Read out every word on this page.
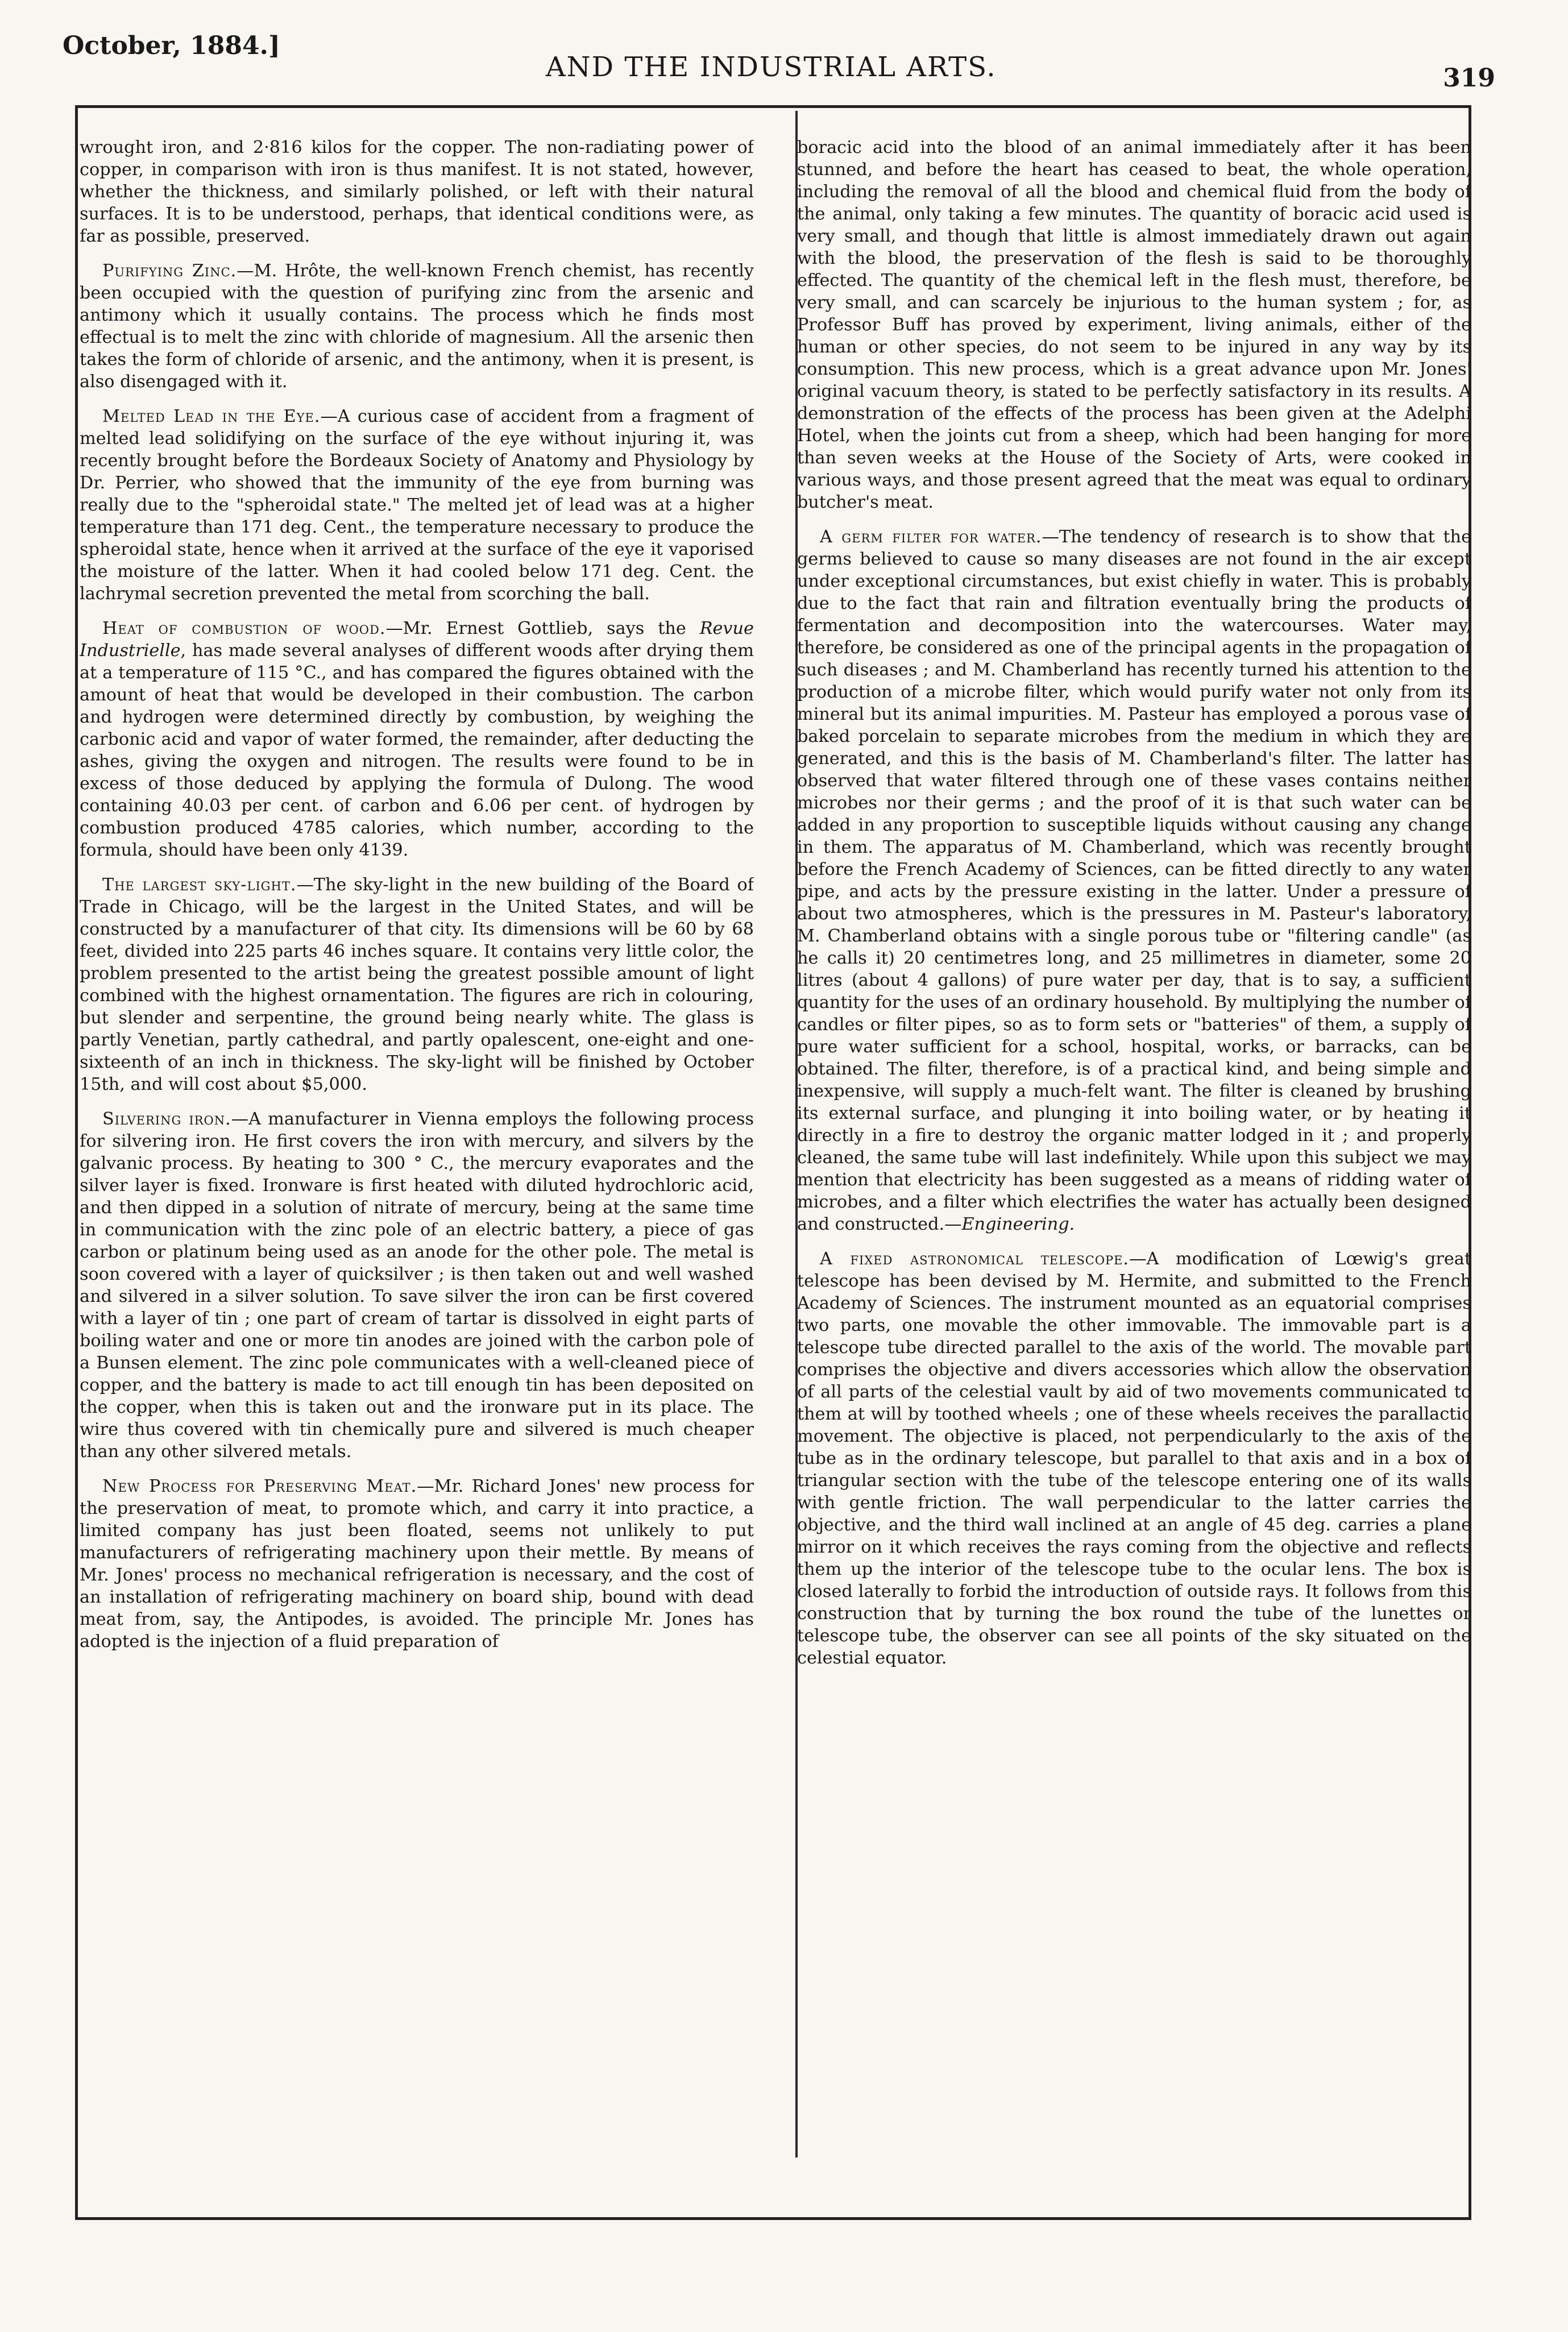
October, 1884.]
AND THE INDUSTRIAL ARTS.	319

wrought iron, and 2·816 kilos for the copper. The non-radiating power of copper, in comparison with iron is thus manifest. It is not stated, however, whether the thickness, and similarly polished, or left with their natural surfaces. It is to be understood, perhaps, that identical conditions were, as far as possible, preserved.

Purifying Zinc.—M. Hrôte, the well-known French chemist, has recently been occupied with the question of purifying zinc from the arsenic and antimony which it usually contains. The process which he finds most effectual is to melt the zinc with chloride of magnesium. All the arsenic then takes the form of chloride of arsenic, and the antimony, when it is present, is also disengaged with it.

Melted Lead in the Eye.—A curious case of accident from a fragment of melted lead solidifying on the surface of the eye without injuring it, was recently brought before the Bordeaux Society of Anatomy and Physiology by Dr. Perrier, who showed that the immunity of the eye from burning was really due to the "spheroidal state." The melted jet of lead was at a higher temperature than 171 deg. Cent., the temperature necessary to produce the spheroidal state, hence when it arrived at the surface of the eye it vaporised the moisture of the latter. When it had cooled below 171 deg. Cent. the lachrymal secretion prevented the metal from scorching the ball.

Heat of combustion of wood.—Mr. Ernest Gottlieb, says the Revue Industrielle, has made several analyses of different woods after drying them at a temperature of 115 °C., and has compared the figures obtained with the amount of heat that would be developed in their combustion. The carbon and hydrogen were determined directly by combustion, by weighing the carbonic acid and vapor of water formed, the remainder, after deducting the ashes, giving the oxygen and nitrogen. The results were found to be in excess of those deduced by applying the formula of Dulong. The wood containing 40.03 per cent. of carbon and 6.06 per cent. of hydrogen by combustion produced 4785 calories, which number, according to the formula, should have been only 4139.

The largest sky-light.—The sky-light in the new building of the Board of Trade in Chicago, will be the largest in the United States, and will be constructed by a manufacturer of that city. Its dimensions will be 60 by 68 feet, divided into 225 parts 46 inches square. It contains very little color, the problem presented to the artist being the greatest possible amount of light combined with the highest ornamentation. The figures are rich in colouring, but slender and serpentine, the ground being nearly white. The glass is partly Venetian, partly cathedral, and partly opalescent, one-eight and one-sixteenth of an inch in thickness. The sky-light will be finished by October 15th, and will cost about $5,000.

Silvering iron.—A manufacturer in Vienna employs the following process for silvering iron. He first covers the iron with mercury, and silvers by the galvanic process. By heating to 300 ° C., the mercury evaporates and the silver layer is fixed. Ironware is first heated with diluted hydrochloric acid, and then dipped in a solution of nitrate of mercury, being at the same time in communication with the zinc pole of an electric battery, a piece of gas carbon or platinum being used as an anode for the other pole. The metal is soon covered with a layer of quicksilver ; is then taken out and well washed and silvered in a silver solution. To save silver the iron can be first covered with a layer of tin ; one part of cream of tartar is dissolved in eight parts of boiling water and one or more tin anodes are joined with the carbon pole of a Bunsen element. The zinc pole communicates with a well-cleaned piece of copper, and the battery is made to act till enough tin has been deposited on the copper, when this is taken out and the ironware put in its place. The wire thus covered with tin chemically pure and silvered is much cheaper than any other silvered metals.

New Process for Preserving Meat.—Mr. Richard Jones' new process for the preservation of meat, to promote which, and carry it into practice, a limited company has just been floated, seems not unlikely to put manufacturers of refrigerating machinery upon their mettle. By means of Mr. Jones' process no mechanical refrigeration is necessary, and the cost of an installation of refrigerating machinery on board ship, bound with dead meat from, say, the Antipodes, is avoided. The principle Mr. Jones has adopted is the injection of a fluid preparation of

boracic acid into the blood of an animal immediately after it has been stunned, and before the heart has ceased to beat, the whole operation, including the removal of all the blood and chemical fluid from the body of the animal, only taking a few minutes. The quantity of boracic acid used is very small, and though that little is almost immediately drawn out again with the blood, the preservation of the flesh is said to be thoroughly effected. The quantity of the chemical left in the flesh must, therefore, be very small, and can scarcely be injurious to the human system ; for, as Professor Buff has proved by experiment, living animals, either of the human or other species, do not seem to be injured in any way by its consumption. This new process, which is a great advance upon Mr. Jones' original vacuum theory, is stated to be perfectly satisfactory in its results. A demonstration of the effects of the process has been given at the Adelphi Hotel, when the joints cut from a sheep, which had been hanging for more than seven weeks at the House of the Society of Arts, were cooked in various ways, and those present agreed that the meat was equal to ordinary butcher's meat.

A germ filter for water.—The tendency of research is to show that the germs believed to cause so many diseases are not found in the air except under exceptional circumstances, but exist chiefly in water. This is probably due to the fact that rain and filtration eventually bring the products of fermentation and decomposition into the watercourses. Water may, therefore, be considered as one of the principal agents in the propagation of such diseases ; and M. Chamberland has recently turned his attention to the production of a microbe filter, which would purify water not only from its mineral but its animal impurities. M. Pasteur has employed a porous vase of baked porcelain to separate microbes from the medium in which they are generated, and this is the basis of M. Chamberland's filter. The latter has observed that water filtered through one of these vases contains neither microbes nor their germs ; and the proof of it is that such water can be added in any proportion to susceptible liquids without causing any change in them. The apparatus of M. Chamberland, which was recently brought before the French Academy of Sciences, can be fitted directly to any water pipe, and acts by the pressure existing in the latter. Under a pressure of about two atmospheres, which is the pressures in M. Pasteur's laboratory, M. Chamberland obtains with a single porous tube or "filtering candle" (as he calls it) 20 centimetres long, and 25 millimetres in diameter, some 20 litres (about 4 gallons) of pure water per day, that is to say, a sufficient quantity for the uses of an ordinary household. By multiplying the number of candles or filter pipes, so as to form sets or "batteries" of them, a supply of pure water sufficient for a school, hospital, works, or barracks, can be obtained. The filter, therefore, is of a practical kind, and being simple and inexpensive, will supply a much-felt want. The filter is cleaned by brushing its external surface, and plunging it into boiling water, or by heating it directly in a fire to destroy the organic matter lodged in it ; and properly cleaned, the same tube will last indefinitely. While upon this subject we may mention that electricity has been suggested as a means of ridding water of microbes, and a filter which electrifies the water has actually been designed and constructed.—Engineering.

A fixed astronomical telescope.—A modification of Lœwig's great telescope has been devised by M. Hermite, and submitted to the French Academy of Sciences. The instrument mounted as an equatorial comprises two parts, one movable the other immovable. The immovable part is a telescope tube directed parallel to the axis of the world. The movable part comprises the objective and divers accessories which allow the observation of all parts of the celestial vault by aid of two movements communicated to them at will by toothed wheels ; one of these wheels receives the parallactic movement. The objective is placed, not perpendicularly to the axis of the tube as in the ordinary telescope, but parallel to that axis and in a box of triangular section with the tube of the telescope entering one of its walls with gentle friction. The wall perpendicular to the latter carries the objective, and the third wall inclined at an angle of 45 deg. carries a plane mirror on it which receives the rays coming from the objective and reflects them up the interior of the telescope tube to the ocular lens. The box is closed laterally to forbid the introduction of outside rays. It follows from this construction that by turning the box round the tube of the lunettes or telescope tube, the observer can see all points of the sky situated on the celestial equator.
